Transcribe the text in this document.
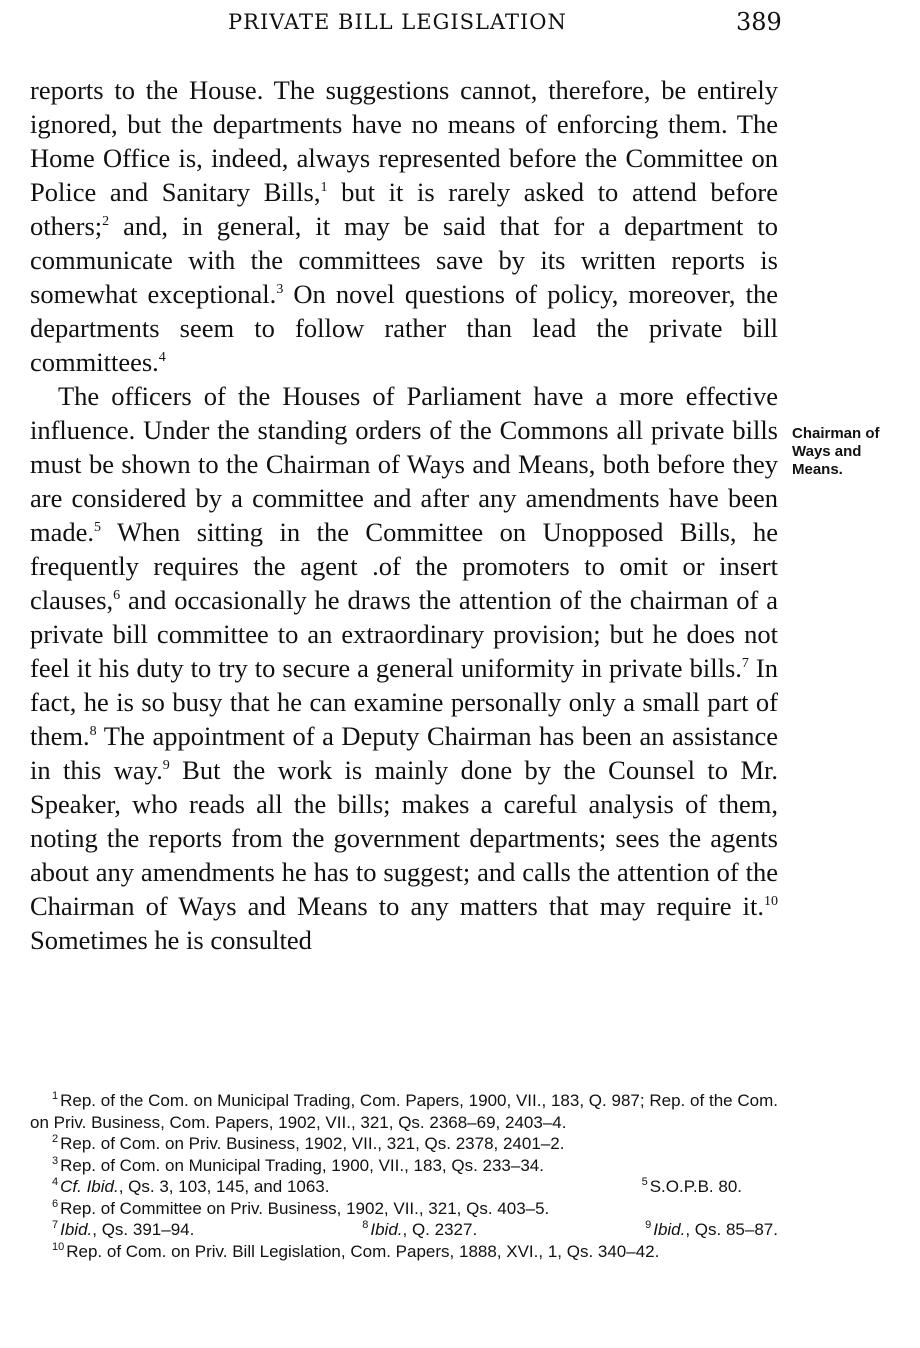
PRIVATE BILL LEGISLATION	389

reports to the House. The suggestions cannot, therefore, be entirely ignored, but the departments have no means of enforcing them. The Home Office is, indeed, always represented before the Committee on Police and Sanitary Bills,$^1$ but it is rarely asked to attend before others;$^2$ and, in general, it may be said that for a department to communicate with the committees save by its written reports is somewhat exceptional.$^3$ On novel questions of policy, moreover, the departments seem to follow rather than lead the private bill committees.$^4$

The officers of the Houses of Parliament have a more effective influence. Under the standing orders of the Commons all private bills must be shown to the Chairman of Ways and Means, both before they are considered by a committee and after any amendments have been made.$^5$ When sitting in the Committee on Unopposed Bills, he frequently requires the agent .of the promoters to omit or insert clauses,$^6$ and occasionally he draws the attention of the chairman of a private bill committee to an extraordinary provision; but he does not feel it his duty to try to secure a general uniformity in private bills.$^7$ In fact, he is so busy that he can examine personally only a small part of them.$^8$ The appointment of a Deputy Chairman has been an assistance in this way.$^9$ But the work is mainly done by the Counsel to Mr. Speaker, who reads all the bills; makes a careful analysis of them, noting the reports from the government departments; sees the agents about any amendments he has to suggest; and calls the attention of the Chairman of Ways and Means to any matters that may require it.$^{10}$ Sometimes he is consulted

Chairman of
Ways and
Means.

$^1$ Rep. of the Com. on Municipal Trading, Com. Papers, 1900, VII., 183, Q. 987; Rep. of the Com. on Priv. Business, Com. Papers, 1902, VII., 321, Qs. 2368–69, 2403–4.

$^2$ Rep. of Com. on Priv. Business, 1902, VII., 321, Qs. 2378, 2401–2.

$^3$ Rep. of Com. on Municipal Trading, 1900, VII., 183, Qs. 233–34.

$^4$ Cf. Ibid., Qs. 3, 103, 145, and 1063.	$^5$ S.O.P.B. 80.

$^6$ Rep. of Committee on Priv. Business, 1902, VII., 321, Qs. 403–5.

$^7$ Ibid., Qs. 391–94.	$^8$ Ibid., Q. 2327.	$^9$ Ibid., Qs. 85–87.

$^{10}$ Rep. of Com. on Priv. Bill Legislation, Com. Papers, 1888, XVI., 1, Qs. 340–42.
